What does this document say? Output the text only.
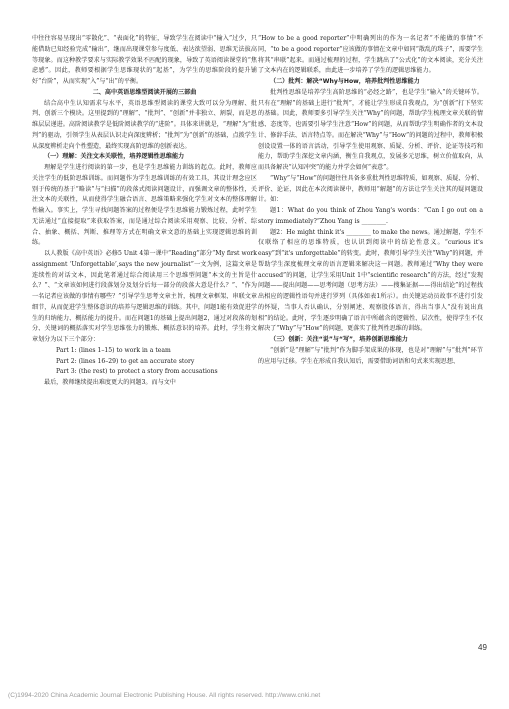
中往往容易呈现出“零散化”、“表面化”的特征，导致学生在阅读中“输入”过少，只能借助已知经验完成“输出”，继而出现课堂参与度低、表达欲望弱、思维无法拔高等现象。而这种教学要求与实际教学效果不匹配的现象，导致了英语阅读课堂的“焦虑感”。因此，教师要根据学生思维现状的“起基”，为学生的思维阶段的提升铺好“台阶”，从而实现“入”与“出”的平衡。

二、高中英语思维型阅读开展的三部曲

结合高中生认知需求与水平，英语思维型阅读的课堂大致可以分为理解、批判、创新三个模块。这里提到的“理解”、“批判”、“创新”并非独立、割裂，而是思维层层递进。高阶阅读教学是低阶阅读教学的“进阶”。具体来讲就是，“理解”为“批判”的驱动，引领学生从表层认识走向深度辨析；“批判”为“创新”的基础，点拨学生从深度辨析走向个性塑造，最终实现高阶思维的创新表达。

（一）理解：关注文本关联性，培养逻辑性思维能力

理解是学生进行阅读的第一步，也是学生思维能力训练的起点。此时，教师应关注学生的低阶思维训练。而问题作为学生思维训练的有效工具，其设计理念应区别于传统的基于“略读”与“扫描”的段落式阅读问题设计，而强调文章的整体性，关注文本的关联性，从而使得学生融合语言、思维策略来强化学生对文本的整体理解性输入。事实上，学生寻找问题答案的过程便是学生思维能力锻炼过程，此时学生无法通过“直接提取”来获取答案，而是通过综合阅读采用观察、比较、分析、综合、抽象、概括、判断、推理等方式在明确文章文意的基础上实现逻辑思维的训练。

以人教版《高中英语》必修5 Unit 4第一课中“Reading”部分“My first work assignment ‘Unforgettable’,says the new journalist”一文为例，这篇文章是连续性的对话文本，因此笔者通过综合阅读用三个思维型问题“本文的主旨是什么？”、“文章该如何进行段落划分及划分后每一部分的段落大意是什么？”、“作为一名记者应该做的事情有哪些？”引导学生思考文章主旨，梳理文章框架、串联文章细节，从而促进学生整体意识的培养与逻辑思维的训练。其中，问题1能有效促进学生的归纳能力、概括能力的提升。而在问题1的基础上提出问题2，通过对段落的划分、关键词的概括落实对学生思维张力的锻炼、概括意识的培养。此时，学生将文章划分为以下三个部分：

Part 1: (lines 1–15) to work in a team

Part 2: (lines 16–29) to get an accurate story

Part 3: (the rest) to protect a story from accusations

最后，教师继续提出难度更大的问题3。而与文中

“How to be a good reporter”中明确列出的作为一名记者“不能做的事情”不同，“to be a good reporter”应该做的事情在文章中如同“散乱的珠子”，需要学生将其“串联”起来。而通过梳理的过程，学生跳出了“公式化”的文本阅读，充分关注了文本内在的逻辑联系，由此进一步培养了学生的逻辑思维能力。

（二）批判：解决“Why与How，培养批判性思维能力

批判性思维是培养学生高阶思维的“必经之路”，也是学生“输入”的关键环节。只有在“理解”的基础上进行“批判”，才能让学生形成自我观点，为“创新”打下坚实的基础。因此，教师要多引导学生关注“Why”的问题，帮助学生梳理文章关联的情感、态度等，也需要引导学生注意“How”的问题，从而帮助学生明确作者的文本设计、修辞手法、语言特点等。而在解决“Why”与“How”的问题的过程中，教师积极创设设置一体的语言活动，引导学生使用观察、质疑、分析、评价、论证等技巧和能力，帮助学生深挖文章内涵，衡生自我观点，发展多元思维，树立价值取向，从而具备解决“认知冲突”的能力并学会如何“表意”。

“Why”与“How”的问题往往具备多重批判性思维特质，如观察、质疑、分析、评价、论证，因此在本次阅读课中，教师用“解题”的方法让学生关注其的疑问题设计。如：

题1：What do you think of Zhou Yang's words：“Can I go out on a story immediately?”Zhou Yang is ________.

题2：He might think it's ________ to make the news。通过解题，学生不仅联络了相应的思维特质，也认识到阅读中的结论性意义。“curious it's easy”到“it's unforgettable”的转变。此时，教师引导学生关注“Why”的问题，并帮助学生深度梳理文章的语言逻辑来解决这一问题。教师通过“Why they were accused”的问题，让学生采用Unit 1中“scientific research”的方法，经过“发现问题——提出问题——思考问题（思考方法）——搜集证据——得出结论”的过程找出相应的逻辑性语句并进行罗列（具体如表1所示）。由关键运动员故事不进行引发的怀疑，当事人否认确认，分别阐述、观察股体语言，得出当事人“没有说出真相”的结论。此时，学生逐步明确了语言中所蕴含的逻辑性、层次性，使得学生不仅解决了“Why”与“How”的问题，更落实了批判性思维的训练。

（三）创新：关注“说”与“写”，培养创新思维能力

“创新”是“理解”与“批判”作为脚手架成果的体现，也是对“理解”与“批判”环节的应用与迁移。学生在形成自我认知后，需要借助词语和句式来实现思想、

49
(C)1994-2020 China Academic Journal Electronic Publishing House. All rights reserved. http://www.cnki.net
